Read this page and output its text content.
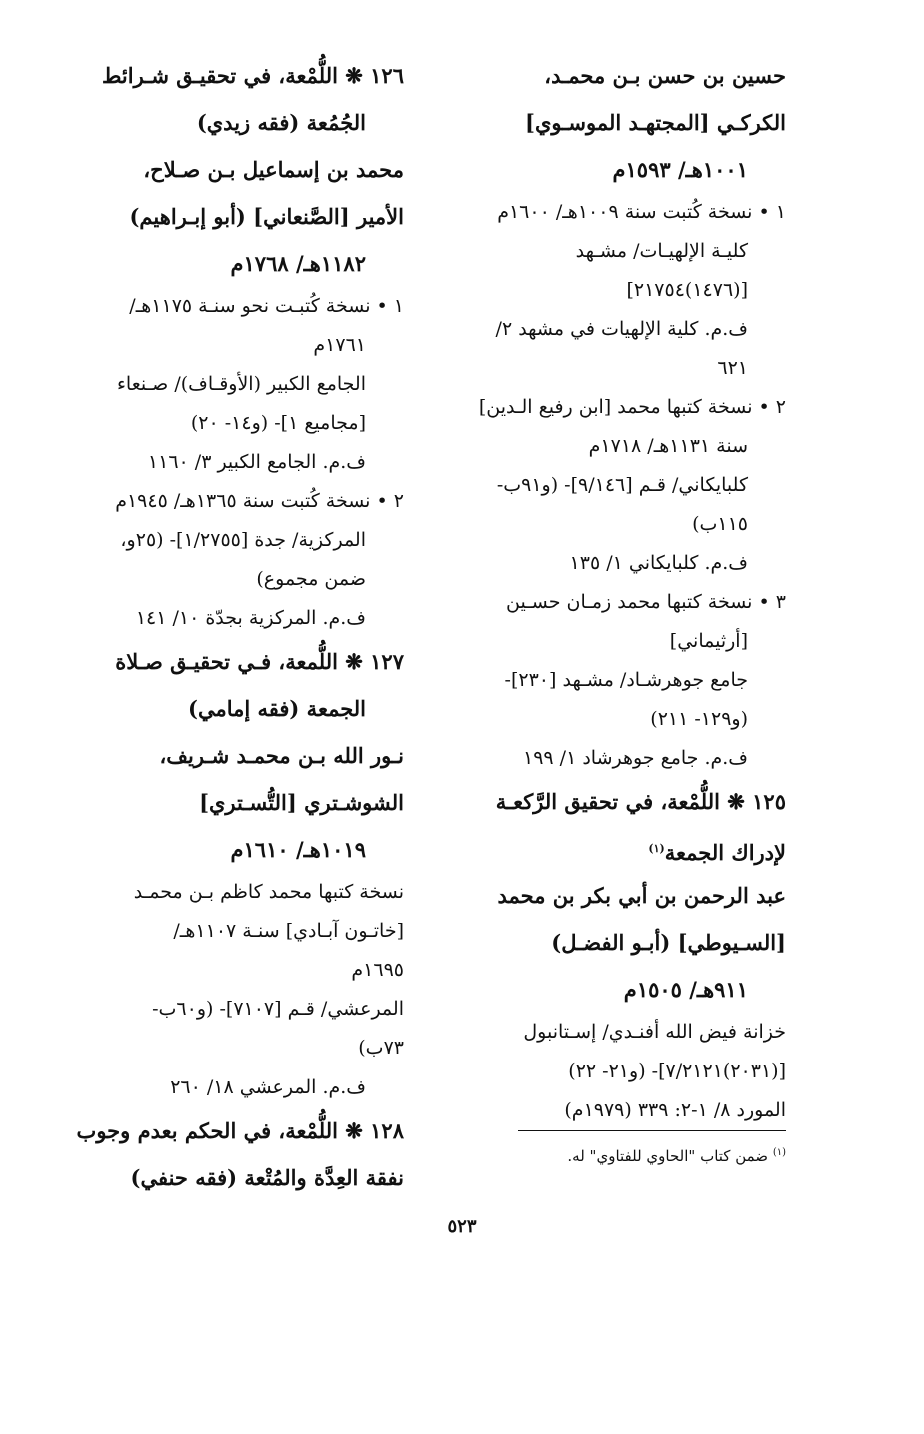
حسين بن حسن بـن محمـد،
الكركـي [المجتهـد الموسـوي]
١٠٠١هـ/ ١٥٩٣م
١ • نسخة كُتبت سنة ١٠٠٩هـ/ ١٦٠٠م
كليـة الإلهيـات/ مشـهد
[(١٤٧٦)٢١٧٥٤]
ف.م. كلية الإلهيات في مشهد ٢/
٦٢١
٢ • نسخة كتبها محمد [ابن رفيع الـدين]
سنة ١١٣١هـ/ ١٧١٨م
كلبايكاني/ قـم [٩/١٤٦]- (و٩١ب-
١١٥ب)
ف.م. كلبايكاني ١/ ١٣٥
٣ • نسخة كتبها محمد زمـان حسـين
[أرثيماني]
جامع جوهرشـاد/ مشـهد [٢٣٠]-
(و١٢٩- ٢١١)
ف.م. جامع جوهرشاد ١/ ١٩٩
١٢٥ ❋ اللُّمْعة، في تحقيق الرَّكعـة
لإدراك الجمعة$^{(١)}$
عبد الرحمن بن أبي بكر بن محمد
[السـيوطي] (أبـو الفضـل)
٩١١هـ/ ١٥٠٥م
خزانة فيض الله أفنـدي/ إسـتانبول
[(٢٠٣١)٧/٢١٢١]- (و٢١- ٢٢)
المورد ٨/ ١-٢: ٣٣٩ (١٩٧٩م)
١٢٦ ❋ اللُّمْعة، في تحقيـق شـرائط
الجُمُعة (فقه زيدي)
محمد بن إسماعيل بـن صـلاح،
الأمير [الصَّنعاني] (أبو إبـراهيم)
١١٨٢هـ/ ١٧٦٨م
١ • نسخة كُتبـت نحو سنـة ١١٧٥هـ/
١٧٦١م
الجامع الكبير (الأوقـاف)/ صـنعاء
[مجاميع ١]- (و١٤- ٢٠)
ف.م. الجامع الكبير ٣/ ١١٦٠
٢ • نسخة كُتبت سنة ١٣٦٥هـ/ ١٩٤٥م
المركزية/ جدة [١/٢٧٥٥]- (٢٥و،
ضمن مجموع)
ف.م. المركزية بجدّة ١٠/ ١٤١
١٢٧ ❋ اللُّمعة، فـي تحقيـق صـلاة
الجمعة (فقه إمامي)
نـور الله بـن محمـد شـريف،
الشوشـتري [التُّسـتري]
١٠١٩هـ/ ١٦١٠م
نسخة كتبها محمد كاظم بـن محمـد
[خاتـون آبـادي] سنـة ١١٠٧هـ/
١٦٩٥م
المرعشي/ قـم [٧١٠٧]- (و٦٠ب-
٧٣ب)
ف.م. المرعشي ١٨/ ٢٦٠
١٢٨ ❋ اللُّمْعة، في الحكم بعدم وجوب
نفقة العِدَّة والمُتْعة (فقه حنفي)
$^{(١)}$ ضمن كتاب "الحاوي للفتاوي" له.
٥٢٣
